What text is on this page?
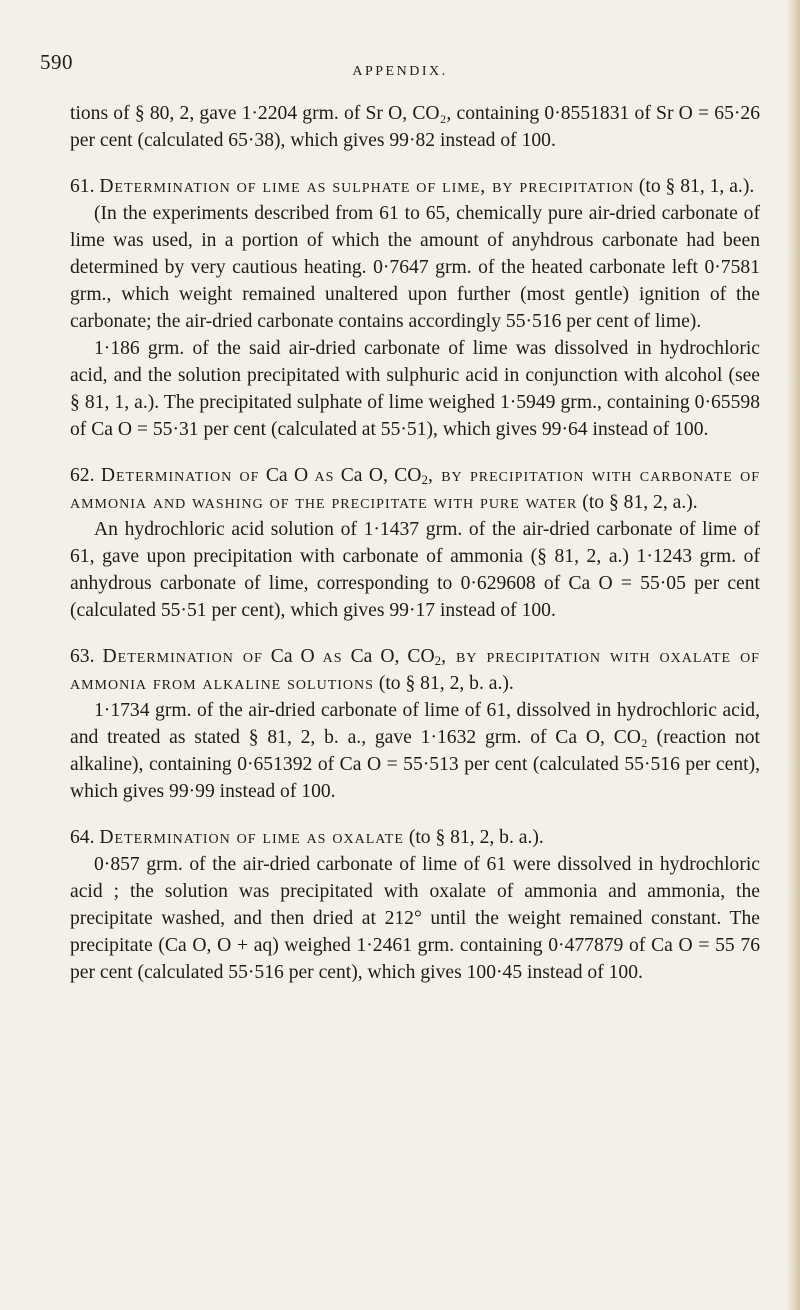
590	APPENDIX.

tions of § 80, 2, gave 1·2204 grm. of Sr O, CO₂, containing 0·8551831 of Sr O = 65·26 per cent (calculated 65·38), which gives 99·82 instead of 100.

61. Determination of lime as sulphate of lime, by precipitation (to § 81, 1, a.).

(In the experiments described from 61 to 65, chemically pure air-dried carbonate of lime was used, in a portion of which the amount of anyhdrous carbonate had been determined by very cautious heating. 0·7647 grm. of the heated carbonate left 0·7581 grm., which weight remained unaltered upon further (most gentle) ignition of the carbonate; the air-dried carbonate contains accordingly 55·516 per cent of lime).

1·186 grm. of the said air-dried carbonate of lime was dissolved in hydrochloric acid, and the solution precipitated with sulphuric acid in conjunction with alcohol (see § 81, 1, a.). The precipitated sulphate of lime weighed 1·5949 grm., containing 0·65598 of Ca O = 55·31 per cent (calculated at 55·51), which gives 99·64 instead of 100.

62. Determination of Ca O as Ca O, $CO_2$, by precipitation with carbonate of ammonia and washing of the precipitate with pure water (to § 81, 2, a.).

An hydrochloric acid solution of 1·1437 grm. of the air-dried carbonate of lime of 61, gave upon precipitation with carbonate of ammonia (§ 81, 2, a.) 1·1243 grm. of anhydrous carbonate of lime, corresponding to 0·629608 of Ca O = 55·05 per cent (calculated 55·51 per cent), which gives 99·17 instead of 100.

63. Determination of Ca O as Ca O, $CO_2$, by precipitation with oxalate of ammonia from alkaline solutions (to § 81, 2, b. a.).

1·1734 grm. of the air-dried carbonate of lime of 61, dissolved in hydrochloric acid, and treated as stated § 81, 2, b. a., gave 1·1632 grm. of Ca O, CO₂ (reaction not alkaline), containing 0·651392 of Ca O = 55·513 per cent (calculated 55·516 per cent), which gives 99·99 instead of 100.

64. Determination of lime as oxalate (to § 81, 2, b. a.).

0·857 grm. of the air-dried carbonate of lime of 61 were dissolved in hydrochloric acid ; the solution was precipitated with oxalate of ammonia and ammonia, the precipitate washed, and then dried at 212° until the weight remained constant. The precipitate (Ca O, O + aq) weighed 1·2461 grm. containing 0·477879 of Ca O = 55 76 per cent (calculated 55·516 per cent), which gives 100·45 instead of 100.
